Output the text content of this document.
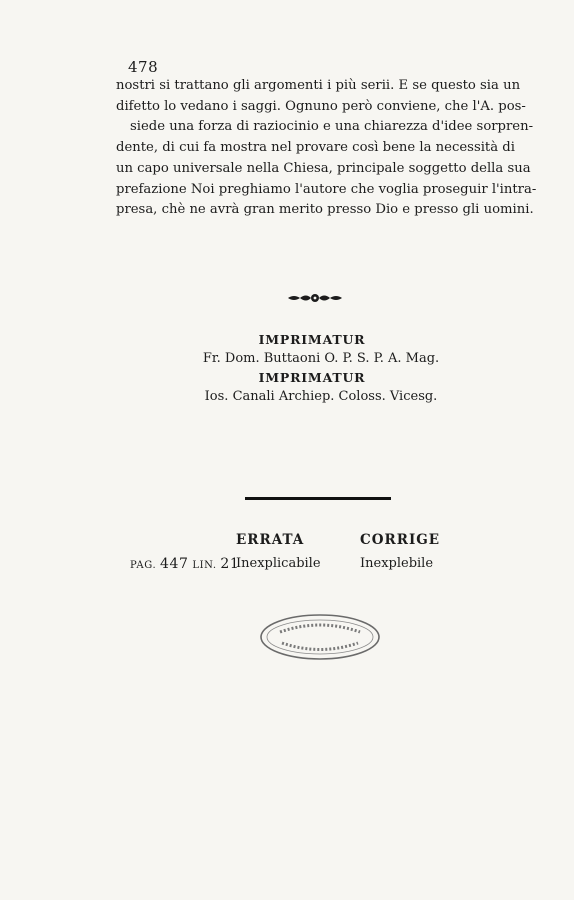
478
nostri si trattano gli argomenti i più serii. E se questo sia un
difetto lo vedano i saggi. Ognuno però conviene, che l'A. pos-
siede una forza di raziocinio e una chiarezza d'idee sorpren-
dente, di cui fa mostra nel provare così bene la necessità di
un capo universale nella Chiesa, principale soggetto della sua
prefazione Noi preghiamo l'autore che voglia proseguir l'intra-
presa, chè ne avrà gran merito presso Dio e presso gli uomini.
IMPRIMATUR
Fr. Dom. Buttaoni O. P. S. P. A. Mag.
IMPRIMATUR
Ios. Canali Archiep. Coloss. Vicesg.
ERRATA	CORRIGE
PAG. 447 LIN. 21
Inexplicabile	Inexplebile
